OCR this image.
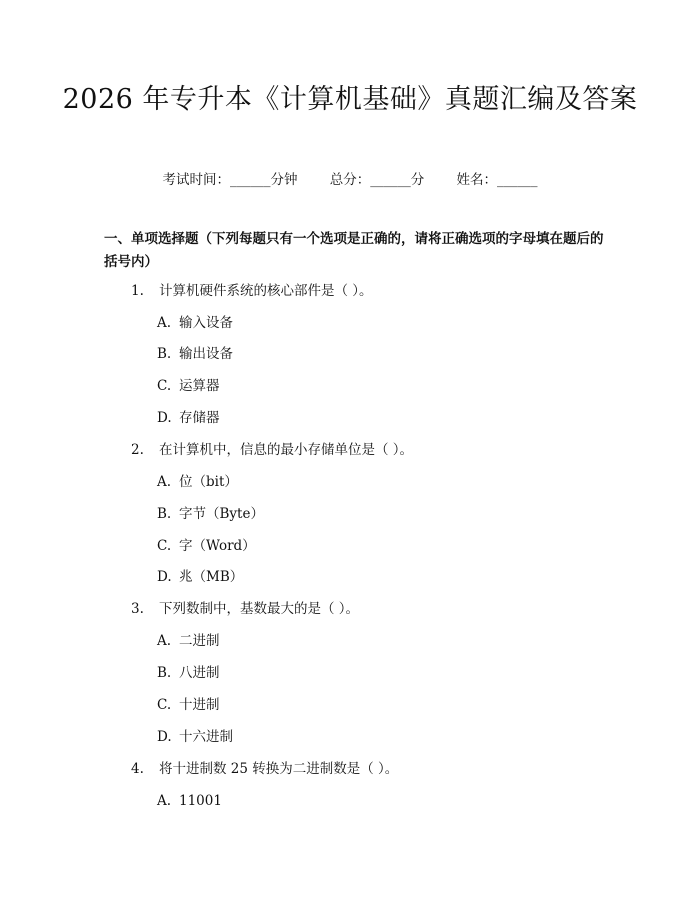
2026 年专升本《计算机基础》真题汇编及答案
考试时间：______分钟 总分：______分 姓名：______
一、单项选择题（下列每题只有一个选项是正确的，请将正确选项的字母填在题后的括号内）
1. 计算机硬件系统的核心部件是（ ）。
A. 输入设备
B. 输出设备
C. 运算器
D. 存储器
2. 在计算机中，信息的最小存储单位是（ ）。
A. 位（bit）
B. 字节（Byte）
C. 字（Word）
D. 兆（MB）
3. 下列数制中，基数最大的是（ ）。
A. 二进制
B. 八进制
C. 十进制
D. 十六进制
4. 将十进制数 25 转换为二进制数是（ ）。
A. 11001
